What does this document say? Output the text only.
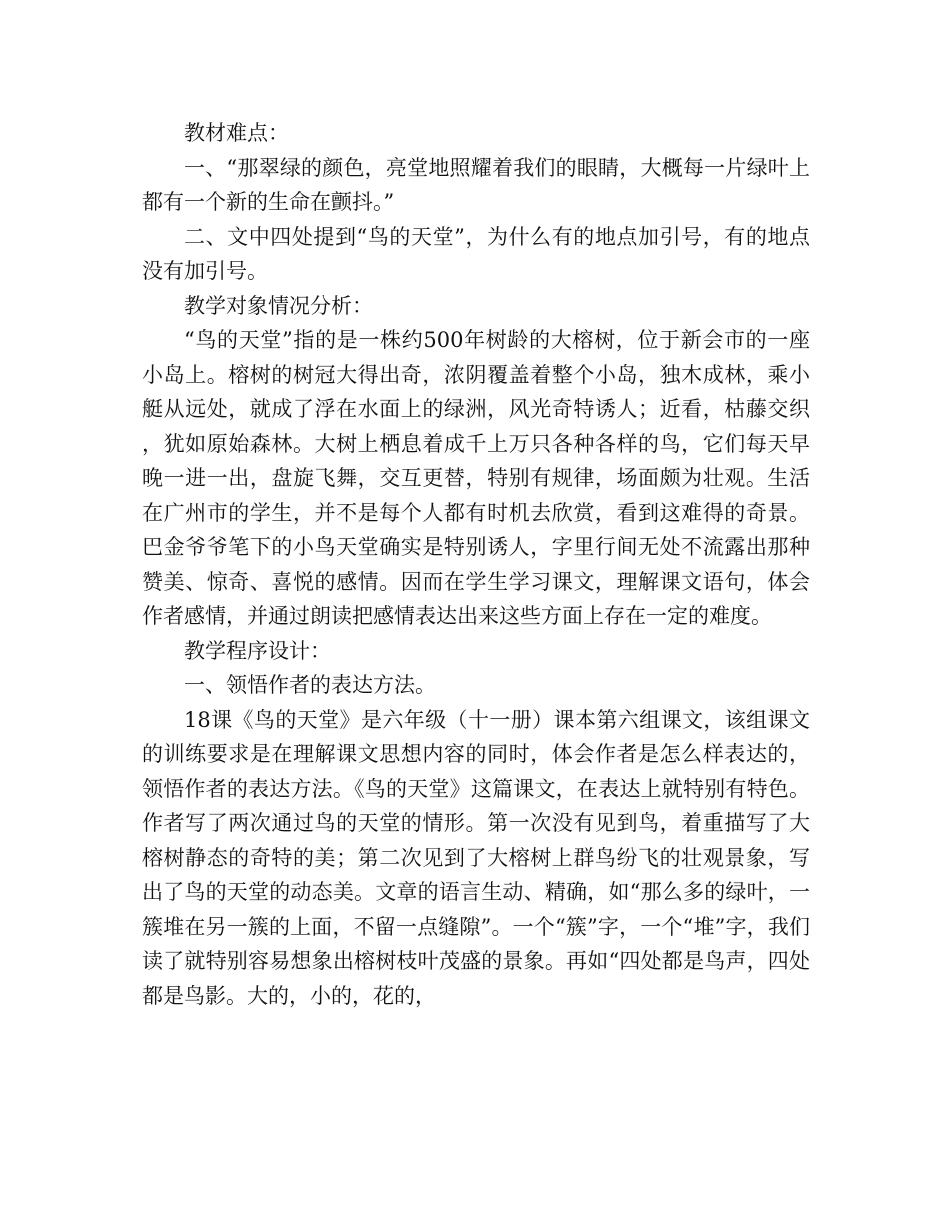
教材难点：

一、“那翠绿的颜色，亮堂地照耀着我们的眼睛，大概每一片绿叶上都有一个新的生命在颤抖。”

二、文中四处提到“鸟的天堂”，为什么有的地点加引号，有的地点没有加引号。

教学对象情况分析：

“鸟的天堂”指的是一株约500年树龄的大榕树，位于新会市的一座小岛上。榕树的树冠大得出奇，浓阴覆盖着整个小岛，独木成林，乘小艇从远处，就成了浮在水面上的绿洲，风光奇特诱人；近看，枯藤交织，犹如原始森林。大树上栖息着成千上万只各种各样的鸟，它们每天早晚一进一出，盘旋飞舞，交互更替，特别有规律，场面颇为壮观。生活在广州市的学生，并不是每个人都有时机去欣赏，看到这难得的奇景。巴金爷爷笔下的小鸟天堂确实是特别诱人，字里行间无处不流露出那种赞美、惊奇、喜悦的感情。因而在学生学习课文，理解课文语句，体会作者感情，并通过朗读把感情表达出来这些方面上存在一定的难度。

教学程序设计：

一、领悟作者的表达方法。

18课《鸟的天堂》是六年级（十一册）课本第六组课文，该组课文的训练要求是在理解课文思想内容的同时，体会作者是怎么样表达的，领悟作者的表达方法。《鸟的天堂》这篇课文，在表达上就特别有特色。作者写了两次通过鸟的天堂的情形。第一次没有见到鸟，着重描写了大榕树静态的奇特的美；第二次见到了大榕树上群鸟纷飞的壮观景象，写出了鸟的天堂的动态美。文章的语言生动、精确，如“那么多的绿叶，一簇堆在另一簇的上面，不留一点缝隙”。一个“簇”字，一个“堆”字，我们读了就特别容易想象出榕树枝叶茂盛的景象。再如“四处都是鸟声，四处都是鸟影。大的，小的，花的，
